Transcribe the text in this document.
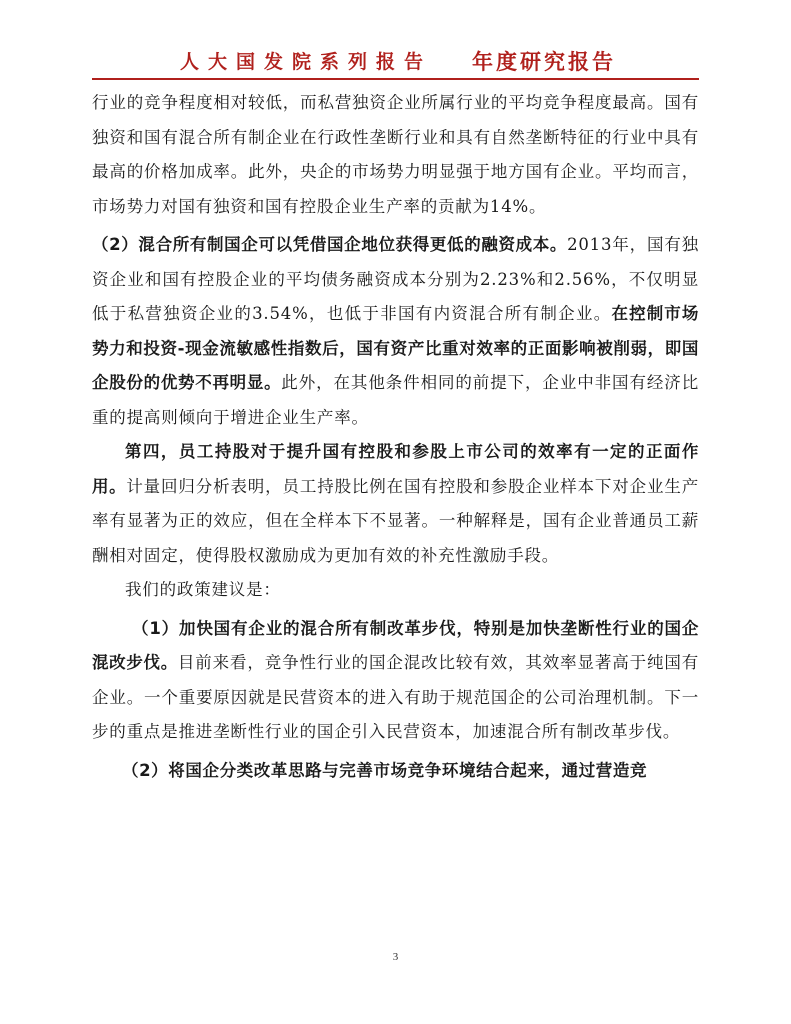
人大国发院系列报告 年度研究报告

行业的竞争程度相对较低，而私营独资企业所属行业的平均竞争程度最高。国有独资和国有混合所有制企业在行政性垄断行业和具有自然垄断特征的行业中具有最高的价格加成率。此外，央企的市场势力明显强于地方国有企业。平均而言，市场势力对国有独资和国有控股企业生产率的贡献为14%。

（2）混合所有制国企可以凭借国企地位获得更低的融资成本。2013年，国有独资企业和国有控股企业的平均债务融资成本分别为2.23%和2.56%，不仅明显低于私营独资企业的3.54%，也低于非国有内资混合所有制企业。在控制市场势力和投资-现金流敏感性指数后，国有资产比重对效率的正面影响被削弱，即国企股份的优势不再明显。此外，在其他条件相同的前提下，企业中非国有经济比重的提高则倾向于增进企业生产率。

第四，员工持股对于提升国有控股和参股上市公司的效率有一定的正面作用。计量回归分析表明，员工持股比例在国有控股和参股企业样本下对企业生产率有显著为正的效应，但在全样本下不显著。一种解释是，国有企业普通员工薪酬相对固定，使得股权激励成为更加有效的补充性激励手段。

我们的政策建议是：

（1）加快国有企业的混合所有制改革步伐，特别是加快垄断性行业的国企混改步伐。目前来看，竞争性行业的国企混改比较有效，其效率显著高于纯国有企业。一个重要原因就是民营资本的进入有助于规范国企的公司治理机制。下一步的重点是推进垄断性行业的国企引入民营资本，加速混合所有制改革步伐。

（2）将国企分类改革思路与完善市场竞争环境结合起来，通过营造竞

3
